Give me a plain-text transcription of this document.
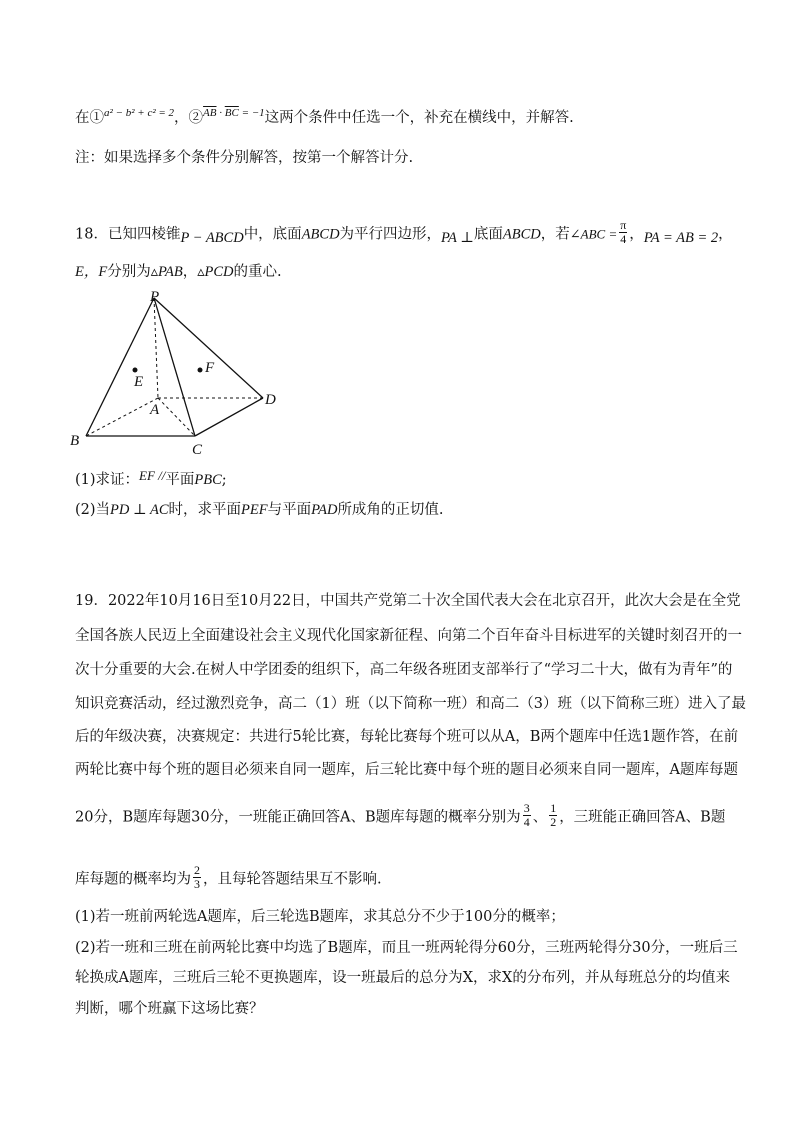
在①$^{a^2 - b^2 + c^2 = 2}$，②$^{\overline{AB} \cdot \overline{BC} = -1}$这两个条件中任选一个，补充在横线中，并解答.
注：如果选择多个条件分别解答，按第一个解答计分.
18．已知四棱锥P − ABCD中，底面ABCD为平行四边形，PA ⊥底面ABCD，若∠ABC = $\frac{\pi}{4}$ ，PA = AB = 2，
E，F分别为▵PAB，▵PCD的重心.
P
A
B
C
D
E
F
(1)求证：EF //平面PBC;
(2)当PD ⊥ AC时，求平面PEF与平面PAD所成角的正切值.
19．2022年10月16日至10月22日，中国共产党第二十次全国代表大会在北京召开，此次大会是在全党
全国各族人民迈上全面建设社会主义现代化国家新征程、向第二个百年奋斗目标进军的关键时刻召开的一
次十分重要的大会.在树人中学团委的组织下，高二年级各班团支部举行了“学习二十大，做有为青年”的
知识竞赛活动，经过激烈竞争，高二（1）班（以下简称一班）和高二（3）班（以下简称三班）进入了最
后的年级决赛，决赛规定：共进行5轮比赛，每轮比赛每个班可以从A，B两个题库中任选1题作答，在前
两轮比赛中每个班的题目必须来自同一题库，后三轮比赛中每个班的题目必须来自同一题库，A题库每题
20分，B题库每题30分，一班能正确回答A、B题库每题的概率分别为 $\frac{3}{4}$ 、 $\frac{1}{2}$ ，三班能正确回答A、B题
库每题的概率均为 $\frac{2}{3}$ ，且每轮答题结果互不影响.
(1)若一班前两轮选A题库，后三轮选B题库，求其总分不少于100分的概率；
(2)若一班和三班在前两轮比赛中均选了B题库，而且一班两轮得分60分，三班两轮得分30分，一班后三
轮换成A题库，三班后三轮不更换题库，设一班最后的总分为X，求X的分布列，并从每班总分的均值来
判断，哪个班赢下这场比赛？
